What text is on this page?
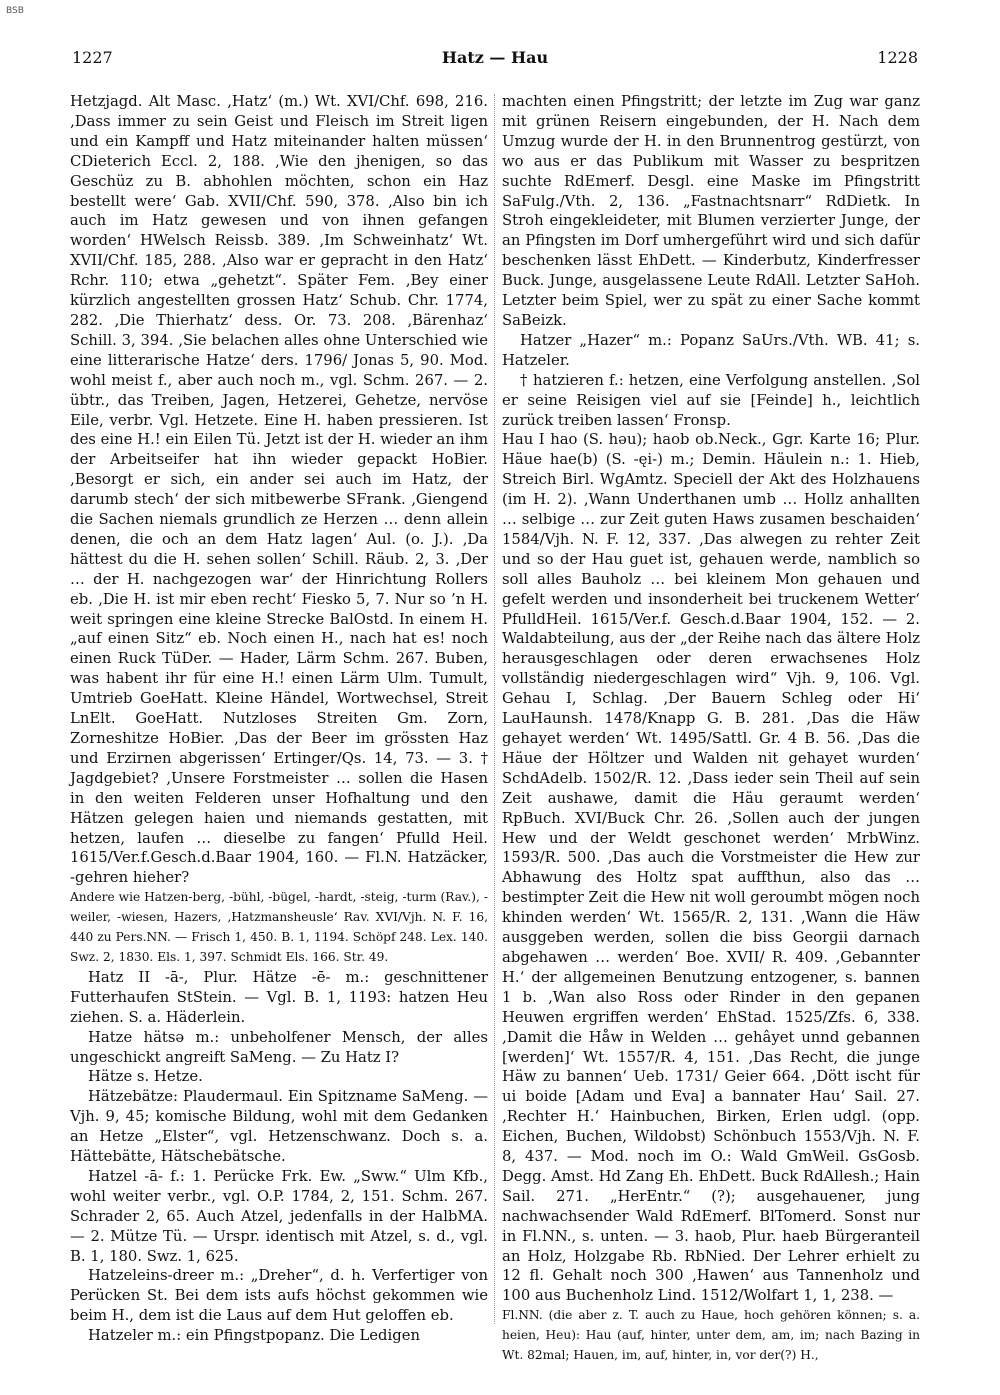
BSB
1227	Hatz — Hau	1228

Hetzjagd. Alt Masc. ‚Hatz‘ (m.) Wt. XVI/Chf. 698, 216. ‚Dass immer zu sein Geist und Fleisch im Streit ligen und ein Kampff und Hatz miteinander halten müssen‘ CDieterich Eccl. 2, 188. ‚Wie den jhenigen, so das Geschüz zu B. abhohlen möchten, schon ein Haz bestellt were‘ Gab. XVII/Chf. 590, 378. ‚Also bin ich auch im Hatz gewesen und von ihnen gefangen worden‘ HWelsch Reissb. 389. ‚Im Schweinhatz‘ Wt. XVII/Chf. 185, 288. ‚Also war er gepracht in den Hatz‘ Rchr. 110; etwa „gehetzt“. Später Fem. ‚Bey einer kürzlich angestellten grossen Hatz‘ Schub. Chr. 1774, 282. ‚Die Thierhatz‘ dess. Or. 73. 208. ‚Bärenhaz‘ Schill. 3, 394. ‚Sie belachen alles ohne Unterschied wie eine litterarische Hatze‘ ders. 1796/ Jonas 5, 90. Mod. wohl meist f., aber auch noch m., vgl. Schm. 267. — 2. übtr., das Treiben, Jagen, Hetzerei, Gehetze, nervöse Eile, verbr. Vgl. Hetzete. Eine H. haben pressieren. Ist des eine H.! ein Eilen Tü. Jetzt ist der H. wieder an ihm der Arbeitseifer hat ihn wieder gepackt HoBier. ‚Besorgt er sich, ein ander sei auch im Hatz, der darumb stech‘ der sich mitbewerbe SFrank. ‚Giengend die Sachen niemals grundlich ze Herzen … denn allein denen, die och an dem Hatz lagen‘ Aul. (o. J.). ‚Da hättest du die H. sehen sollen‘ Schill. Räub. 2, 3. ‚Der … der H. nachgezogen war‘ der Hinrichtung Rollers eb. ‚Die H. ist mir eben recht‘ Fiesko 5, 7. Nur so ’n H. weit springen eine kleine Strecke BalOstd. In einem H. „auf einen Sitz“ eb. Noch einen H., nach hat es! noch einen Ruck TüDer. — Hader, Lärm Schm. 267. Buben, was habent ihr für eine H.! einen Lärm Ulm. Tumult, Umtrieb GoeHatt. Kleine Händel, Wortwechsel, Streit LnElt. GoeHatt. Nutzloses Streiten Gm. Zorn, Zorneshitze HoBier. ‚Das der Beer im grössten Haz und Erzirnen abgerissen‘ Ertinger/Qs. 14, 73. — 3. † Jagdgebiet? ‚Unsere Forstmeister … sollen die Hasen in den weiten Felderen unser Hofhaltung und den Hätzen gelegen haien und niemands gestatten, mit hetzen, laufen … dieselbe zu fangen‘ Pfulld Heil. 1615/Ver.f.Gesch.d.Baar 1904, 160. — Fl.N. Hatzäcker, -gehren hieher?

Andere wie Hatzen-berg, -bühl, -bügel, -hardt, -steig, -turm (Rav.), -weiler, -wiesen, Hazers, ‚Hatzmansheusle‘ Rav. XVI/Vjh. N. F. 16, 440 zu Pers.NN. — Frisch 1, 450. B. 1, 1194. Schöpf 248. Lex. 140. Swz. 2, 1830. Els. 1, 397. Schmidt Els. 166. Str. 49.

Hatz II -ā-, Plur. Hätze -ē- m.: geschnittener Futterhaufen StStein. — Vgl. B. 1, 1193: hatzen Heu ziehen. S. a. Häderlein.

Hatze hätsə m.: unbeholfener Mensch, der alles ungeschickt angreift SaMeng. — Zu Hatz I?

Hätze s. Hetze.

Hätzebätze: Plaudermaul. Ein Spitzname SaMeng. — Vjh. 9, 45; komische Bildung, wohl mit dem Gedanken an Hetze „Elster“, vgl. Hetzenschwanz. Doch s. a. Hättebätte, Hätschebätsche.

Hatzel -ā- f.: 1. Perücke Frk. Ew. „Sww.“ Ulm Kfb., wohl weiter verbr., vgl. O.P. 1784, 2, 151. Schm. 267. Schrader 2, 65. Auch Atzel, jedenfalls in der HalbMA. — 2. Mütze Tü. — Urspr. identisch mit Atzel, s. d., vgl. B. 1, 180. Swz. 1, 625.

Hatzeleins-dreer m.: „Dreher“, d. h. Verfertiger von Perücken St. Bei dem ists aufs höchst gekommen wie beim H., dem ist die Laus auf dem Hut geloffen eb.

Hatzeler m.: ein Pfingstpopanz. Die Ledigen

machten einen Pfingstritt; der letzte im Zug war ganz mit grünen Reisern eingebunden, der H. Nach dem Umzug wurde der H. in den Brunnentrog gestürzt, von wo aus er das Publikum mit Wasser zu bespritzen suchte RdEmerf. Desgl. eine Maske im Pfingstritt SaFulg./Vth. 2, 136. „Fastnachtsnarr“ RdDietk. In Stroh eingekleideter, mit Blumen verzierter Junge, der an Pfingsten im Dorf umhergeführt wird und sich dafür beschenken lässt EhDett. — Kinderbutz, Kinderfresser Buck. Junge, ausgelassene Leute RdAll. Letzter SaHoh. Letzter beim Spiel, wer zu spät zu einer Sache kommt SaBeizk.

Hatzer „Hazer“ m.: Popanz SaUrs./Vth. WB. 41; s. Hatzeler.

† hatzieren f.: hetzen, eine Verfolgung anstellen. ‚Sol er seine Reisigen viel auf sie [Feinde] h., leichtlich zurück treiben lassen‘ Fronsp.

Hau I hao (S. həu); haob ob.Neck., Ggr. Karte 16; Plur. Häue hae(b) (S. -ęi-) m.; Demin. Häulein n.: 1. Hieb, Streich Birl. WgAmtz. Speciell der Akt des Holzhauens (im H. 2). ‚Wann Underthanen umb … Hollz anhallten … selbige … zur Zeit guten Haws zusamen beschaiden‘ 1584/Vjh. N. F. 12, 337. ‚Das alwegen zu rehter Zeit und so der Hau guet ist, gehauen werde, namblich so soll alles Bauholz … bei kleinem Mon gehauen und gefelt werden und insonderheit bei truckenem Wetter‘ PfulldHeil. 1615/Ver.f. Gesch.d.Baar 1904, 152. — 2. Waldabteilung, aus der „der Reihe nach das ältere Holz herausgeschlagen oder deren erwachsenes Holz vollständig niedergeschlagen wird“ Vjh. 9, 106. Vgl. Gehau I, Schlag. ‚Der Bauern Schleg oder Hi‘ LauHaunsh. 1478/Knapp G. B. 281. ‚Das die Häw gehayet werden‘ Wt. 1495/Sattl. Gr. 4 B. 56. ‚Das die Häue der Höltzer und Walden nit gehayet wurden‘ SchdAdelb. 1502/R. 12. ‚Dass ieder sein Theil auf sein Zeit aushawe, damit die Häu geraumt werden‘ RpBuch. XVI/Buck Chr. 26. ‚Sollen auch der jungen Hew und der Weldt geschonet werden‘ MrbWinz. 1593/R. 500. ‚Das auch die Vorstmeister die Hew zur Abhawung des Holtz spat auffthun, also das … bestimpter Zeit die Hew nit woll geroumbt mögen noch khinden werden‘ Wt. 1565/R. 2, 131. ‚Wann die Häw ausggeben werden, sollen die biss Georgii darnach abgehawen … werden‘ Boe. XVII/ R. 409. ‚Gebannter H.‘ der allgemeinen Benutzung entzogener, s. bannen 1 b. ‚Wan also Ross oder Rinder in den gepanen Heuwen ergriffen werden‘ EhStad. 1525/Zfs. 6, 338. ‚Damit die Håw in Welden … gehâyet unnd gebannen [werden]‘ Wt. 1557/R. 4, 151. ‚Das Recht, die junge Häw zu bannen‘ Ueb. 1731/ Geier 664. ‚Dött ischt für ui boide [Adam und Eva] a bannater Hau‘ Sail. 27. ‚Rechter H.‘ Hainbuchen, Birken, Erlen udgl. (opp. Eichen, Buchen, Wildobst) Schönbuch 1553/Vjh. N. F. 8, 437. — Mod. noch im O.: Wald GmWeil. GsGosb. Degg. Amst. Hd Zang Eh. EhDett. Buck RdAllesh.; Hain Sail. 271. „HerEntr.“ (?); ausgehauener, jung nachwachsender Wald RdEmerf. BlTomerd. Sonst nur in Fl.NN., s. unten. — 3. haob, Plur. haeb Bürgeranteil an Holz, Holzgabe Rb. RbNied. Der Lehrer erhielt zu 12 fl. Gehalt noch 300 ‚Hawen‘ aus Tannenholz und 100 aus Buchenholz Lind. 1512/Wolfart 1, 1, 238. —

Fl.NN. (die aber z. T. auch zu Haue, hoch gehören können; s. a. heien, Heu): Hau (auf, hinter, unter dem, am, im; nach Bazing in Wt. 82mal; Hauen, im, auf, hinter, in, vor der(?) H.,
